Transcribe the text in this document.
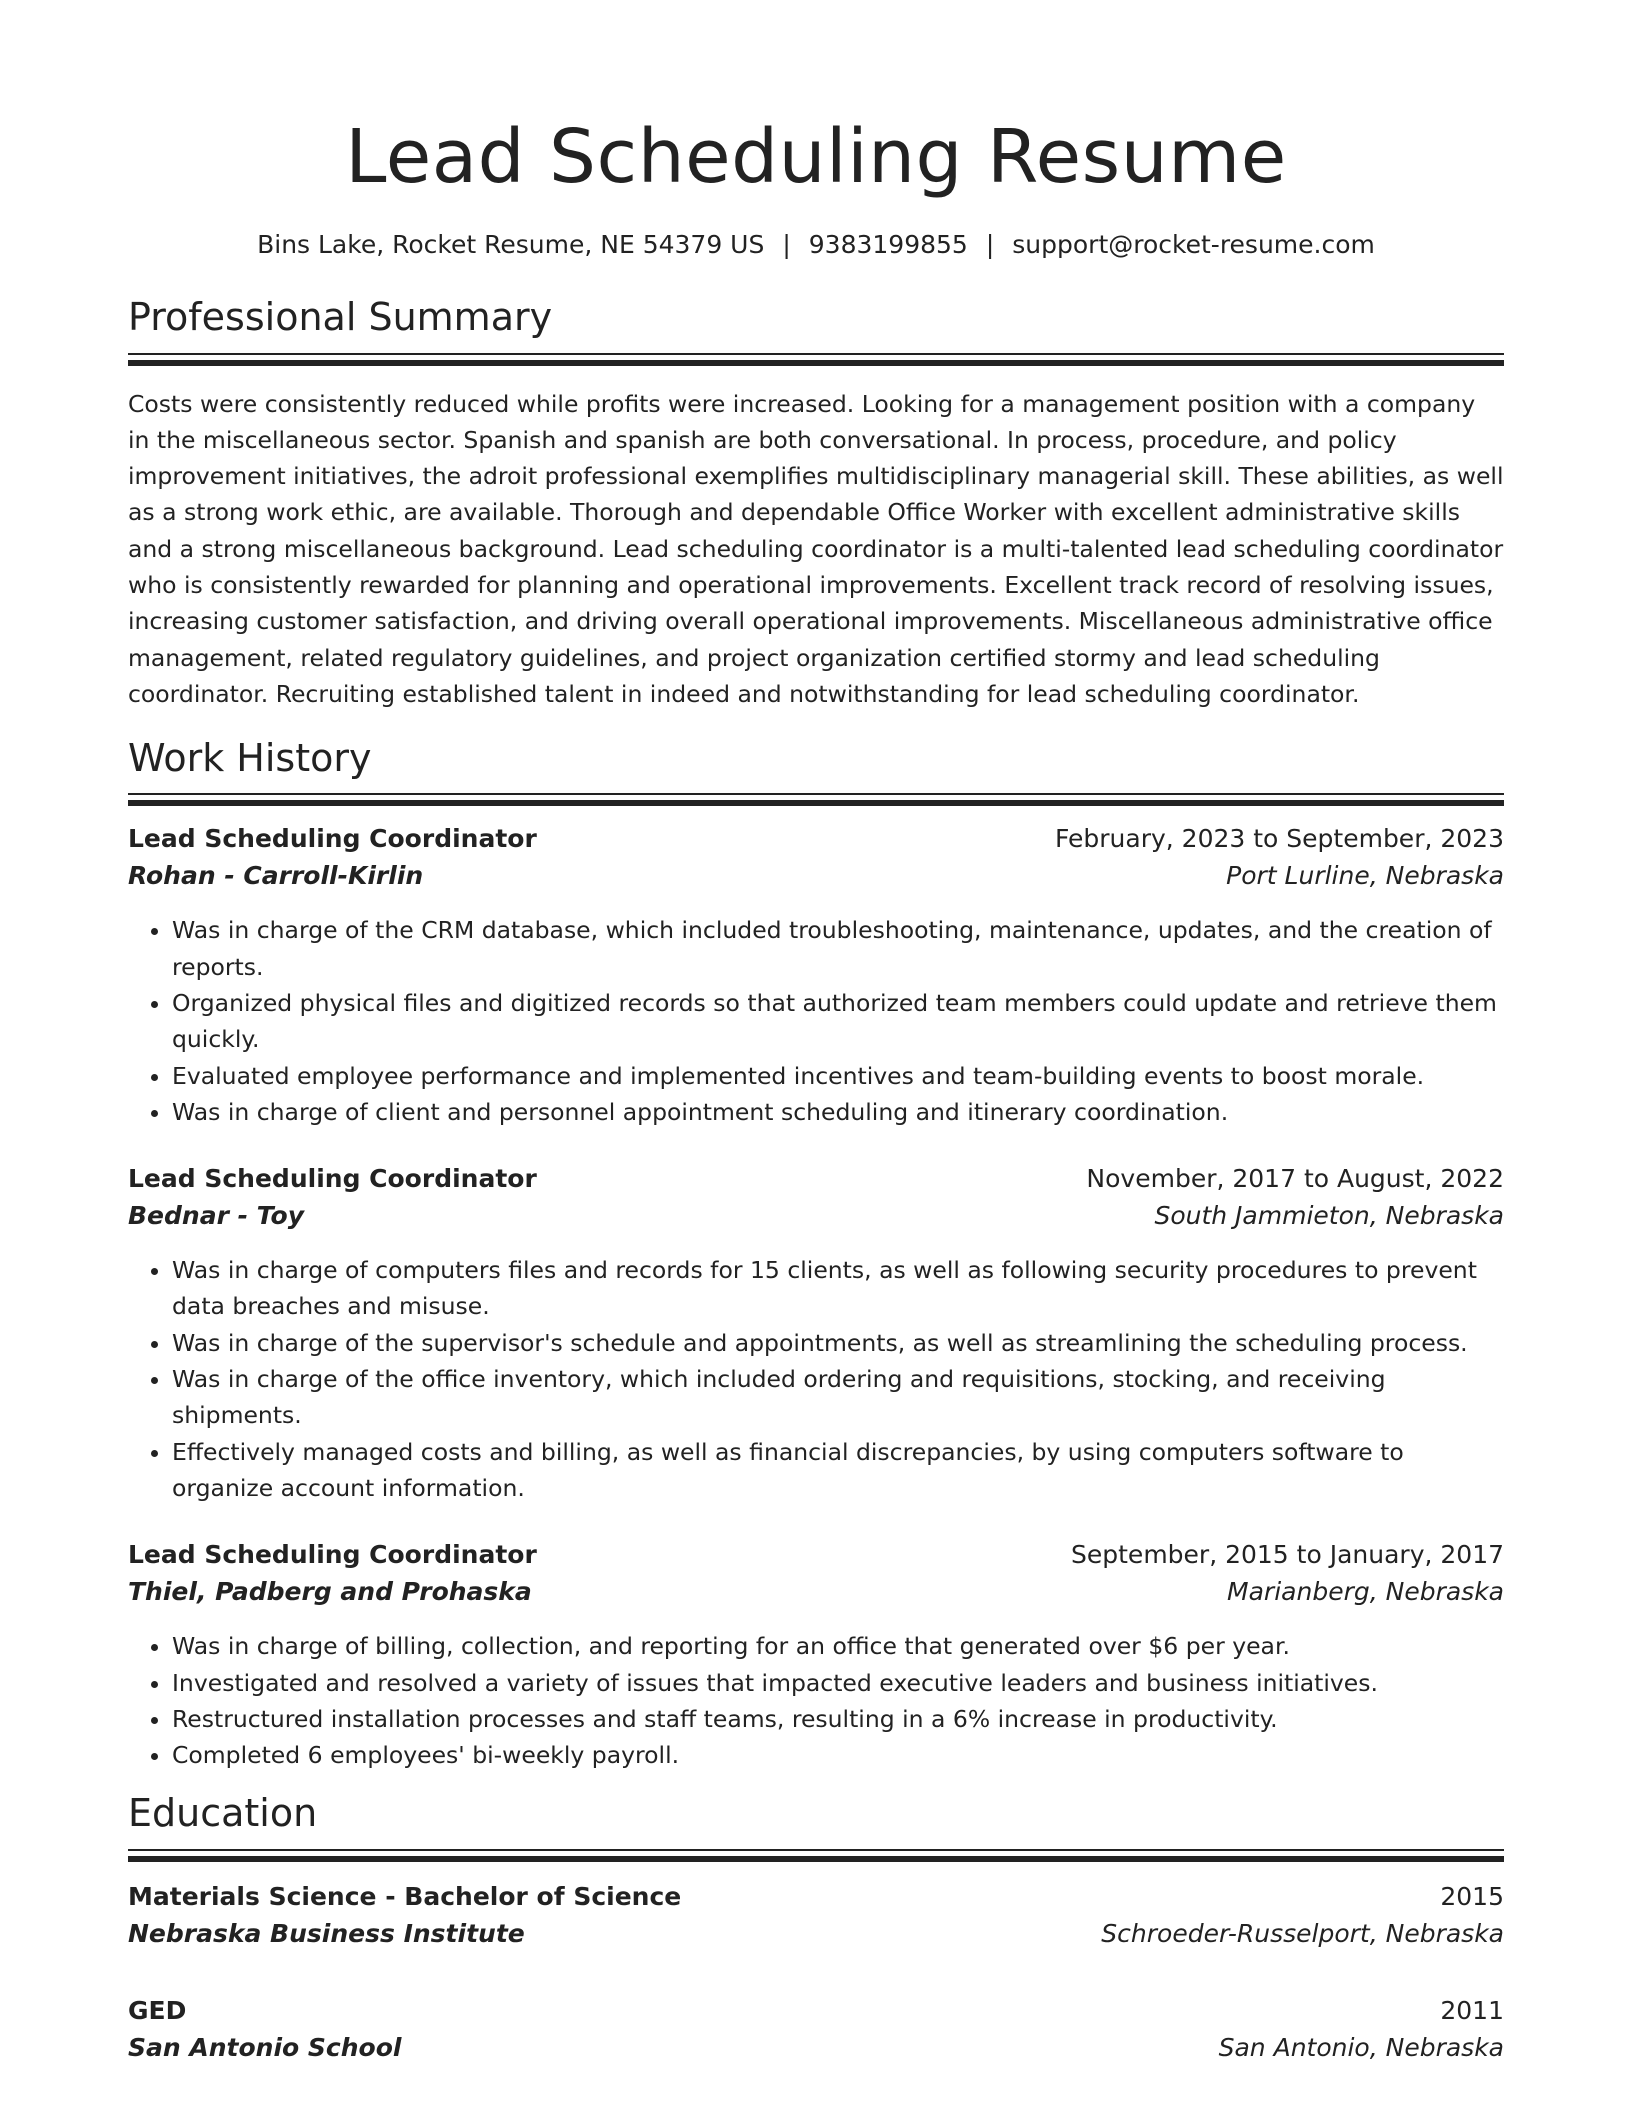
Lead Scheduling Resume
Bins Lake, Rocket Resume, NE 54379 US | 9383199855 | support@rocket-resume.com
Professional Summary

Costs were consistently reduced while profits were increased. Looking for a management position with a company in the miscellaneous sector. Spanish and spanish are both conversational. In process, procedure, and policy improvement initiatives, the adroit professional exemplifies multidisciplinary managerial skill. These abilities, as well as a strong work ethic, are available. Thorough and dependable Office Worker with excellent administrative skills and a strong miscellaneous background. Lead scheduling coordinator is a multi-talented lead scheduling coordinator who is consistently rewarded for planning and operational improvements. Excellent track record of resolving issues, increasing customer satisfaction, and driving overall operational improvements. Miscellaneous administrative office management, related regulatory guidelines, and project organization certified stormy and lead scheduling coordinator. Recruiting established talent in indeed and notwithstanding for lead scheduling coordinator.

Work History
Lead Scheduling Coordinator	February, 2023 to September, 2023
Rohan - Carroll-Kirlin	Port Lurline, Nebraska
• Was in charge of the CRM database, which included troubleshooting, maintenance, updates, and the creation of reports.
• Organized physical files and digitized records so that authorized team members could update and retrieve them quickly.
• Evaluated employee performance and implemented incentives and team-building events to boost morale.
• Was in charge of client and personnel appointment scheduling and itinerary coordination.
Lead Scheduling Coordinator	November, 2017 to August, 2022
Bednar - Toy	South Jammieton, Nebraska
• Was in charge of computers files and records for 15 clients, as well as following security procedures to prevent data breaches and misuse.
• Was in charge of the supervisor's schedule and appointments, as well as streamlining the scheduling process.
• Was in charge of the office inventory, which included ordering and requisitions, stocking, and receiving shipments.
• Effectively managed costs and billing, as well as financial discrepancies, by using computers software to organize account information.
Lead Scheduling Coordinator	September, 2015 to January, 2017
Thiel, Padberg and Prohaska	Marianberg, Nebraska
• Was in charge of billing, collection, and reporting for an office that generated over $6 per year.
• Investigated and resolved a variety of issues that impacted executive leaders and business initiatives.
• Restructured installation processes and staff teams, resulting in a 6% increase in productivity.
• Completed 6 employees' bi-weekly payroll.
Education
Materials Science - Bachelor of Science	2015
Nebraska Business Institute	Schroeder-Russelport, Nebraska
GED	2011
San Antonio School	San Antonio, Nebraska
